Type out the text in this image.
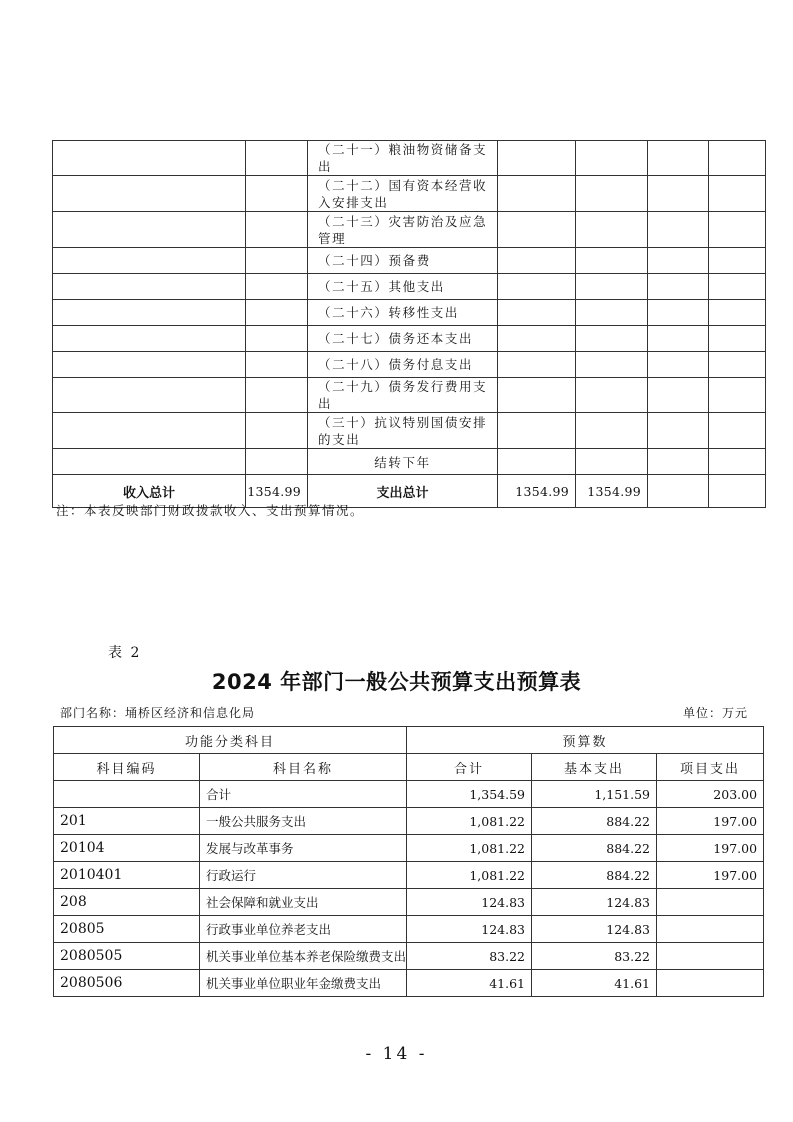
		（二十一）粮油物资储备支出				
		（二十二）国有资本经营收入安排支出				
		（二十三）灾害防治及应急管理				
		（二十四）预备费				
		（二十五）其他支出				
		（二十六）转移性支出				
		（二十七）债务还本支出				
		（二十八）债务付息支出				
		（二十九）债务发行费用支出				
		（三十）抗议特别国债安排的支出				
		结转下年				
收入总计	1354.99	支出总计	1354.99	1354.99		
注：本表反映部门财政拨款收入、支出预算情况。
表 2
2024 年部门一般公共预算支出预算表
部门名称：埇桥区经济和信息化局	单位：万元
功能分类科目		预算数		
科目编码	科目名称	合计	基本支出	项目支出
	合计	1,354.59	1,151.59	203.00
201	一般公共服务支出	1,081.22	884.22	197.00
20104	发展与改革事务	1,081.22	884.22	197.00
2010401	行政运行	1,081.22	884.22	197.00
208	社会保障和就业支出	124.83	124.83	
20805	行政事业单位养老支出	124.83	124.83	
2080505	机关事业单位基本养老保险缴费支出	83.22	83.22	
2080506	机关事业单位职业年金缴费支出	41.61	41.61	
- 14 -
